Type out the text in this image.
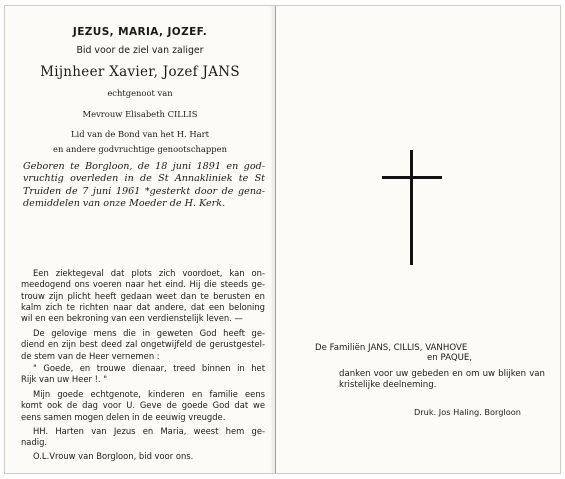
JEZUS, MARIA, JOZEF.
Bid voor de ziel van zaliger
Mijnheer Xavier, Jozef JANS
echtgenoot van
Mevrouw Elisabeth CILLIS
Lid van de Bond van het H. Hart
en andere godvruchtige genootschappen
Geboren te Borgloon, de 18 juni 1891 en god-
vruchtig overleden in de St Annakliniek te St
Truiden de 7 juni 1961 *gesterkt door de gena-
demiddelen van onze Moeder de H. Kerk.
Een ziektegeval dat plots zich voordoet, kan on-
meedogend ons voeren naar het eind. Hij die steeds ge-
trouw zijn plicht heeft gedaan weet dan te berusten en
kalm zich te richten naar dat andere, dat een beloning
wil en een bekroning van een verdienstelijk leven. —
De gelovige mens die in geweten God heeft ge-
diend en zijn best deed zal ongetwijfeld de gerustgestel-
de stem van de Heer vernemen :
" Goede, en trouwe dienaar, treed binnen in het
Rijk van uw Heer !. "
Mijn goede echtgenote, kinderen en familie eens
komt ook de dag voor U. Geve de goede God dat we
eens samen mogen delen in de eeuwig vreugde.
HH. Harten van Jezus en Maria, weest hem ge-
nadig.
O.L.Vrouw van Borgloon, bid voor ons.
De Familiën JANS, CILLIS, VANHOVE
en PAQUE,
danken voor uw gebeden en om uw blijken van
kristelijke deelneming.
Druk. Jos Haling. Borgloon
